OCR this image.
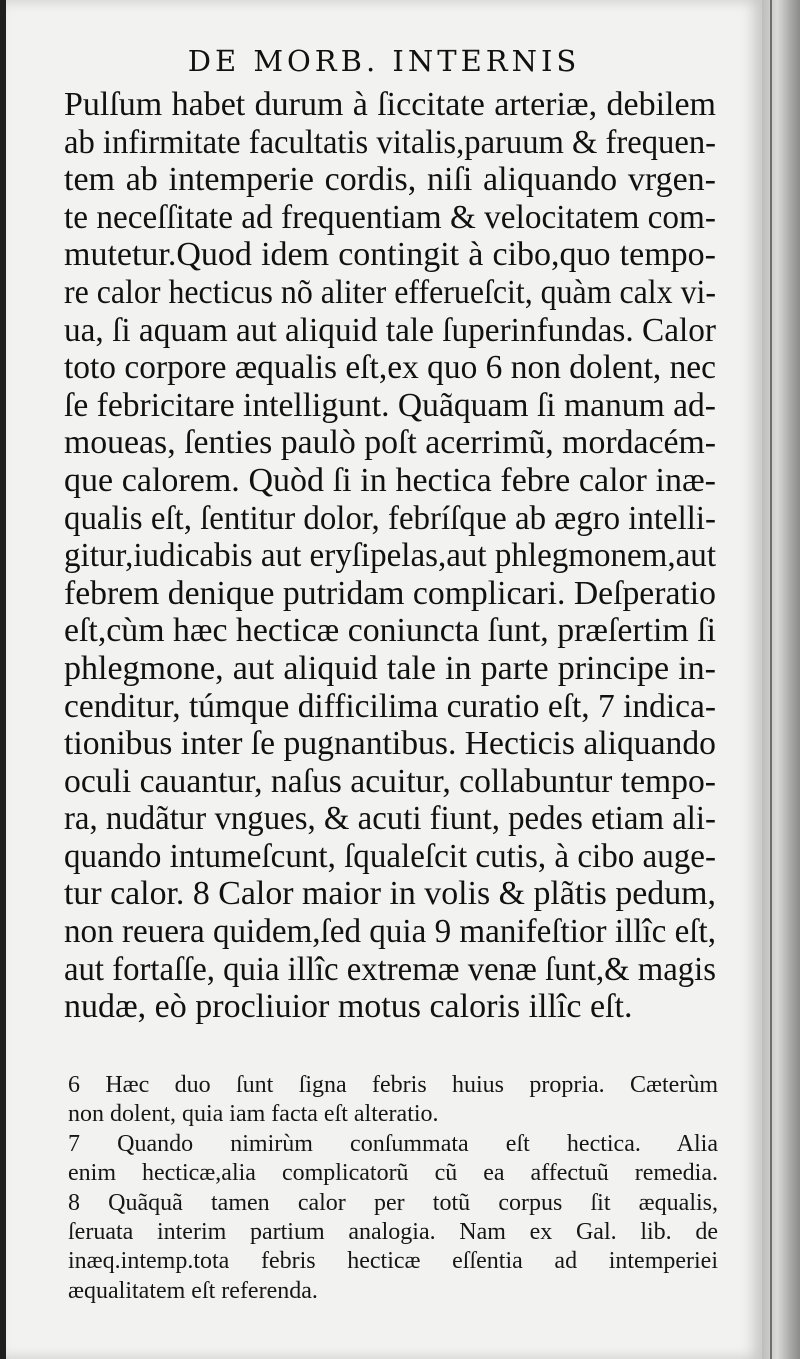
DE MORB. INTERNIS
Pulſum habet durum à ſiccitate arteriæ, debilem
ab infirmitate facultatis vitalis,paruum & frequen-
tem ab intemperie cordis, niſi aliquando vrgen-
te neceſſitate ad frequentiam & velocitatem com-
mutetur.Quod idem contingit à cibo,quo tempo-
re calor hecticus nõ aliter efferueſcit, quàm calx vi-
ua, ſi aquam aut aliquid tale ſuperinfundas. Calor
toto corpore æqualis eſt,ex quo 6 non dolent, nec
ſe febricitare intelligunt. Quãquam ſi manum ad-
moueas, ſenties paulò poſt acerrimũ, mordacém-
que calorem. Quòd ſi in hectica febre calor inæ-
qualis eſt, ſentitur dolor, febríſque ab ægro intelli-
gitur,iudicabis aut eryſipelas,aut phlegmonem,aut
febrem denique putridam complicari. Deſperatio
eſt,cùm hæc hecticæ coniuncta ſunt, præſertim ſi
phlegmone, aut aliquid tale in parte principe in-
cenditur, túmque difficilima curatio eſt, 7 indica-
tionibus inter ſe pugnantibus. Hecticis aliquando
oculi cauantur, naſus acuitur, collabuntur tempo-
ra, nudãtur vngues, & acuti fiunt, pedes etiam ali-
quando intumeſcunt, ſqualeſcit cutis, à cibo auge-
tur calor. 8 Calor maior in volis & plãtis pedum,
non reuera quidem,ſed quia 9 manifeſtior illîc eſt,
aut fortaſſe, quia illîc extremæ venæ ſunt,& magis
nudæ, eò procliuior motus caloris illîc eſt.
6 Hæc duo ſunt ſigna febris huius propria. Cæterùm
non dolent, quia iam facta eſt alteratio.
7 Quando nimirùm conſummata eſt hectica. Alia
enim hecticæ,alia complicatorũ cũ ea affectuũ remedia.
8 Quãquã tamen calor per totũ corpus ſit æqualis,
ſeruata interim partium analogia. Nam ex Gal. lib. de
inæq.intemp.tota febris hecticæ eſſentia ad intemperiei
æqualitatem eſt referenda.
